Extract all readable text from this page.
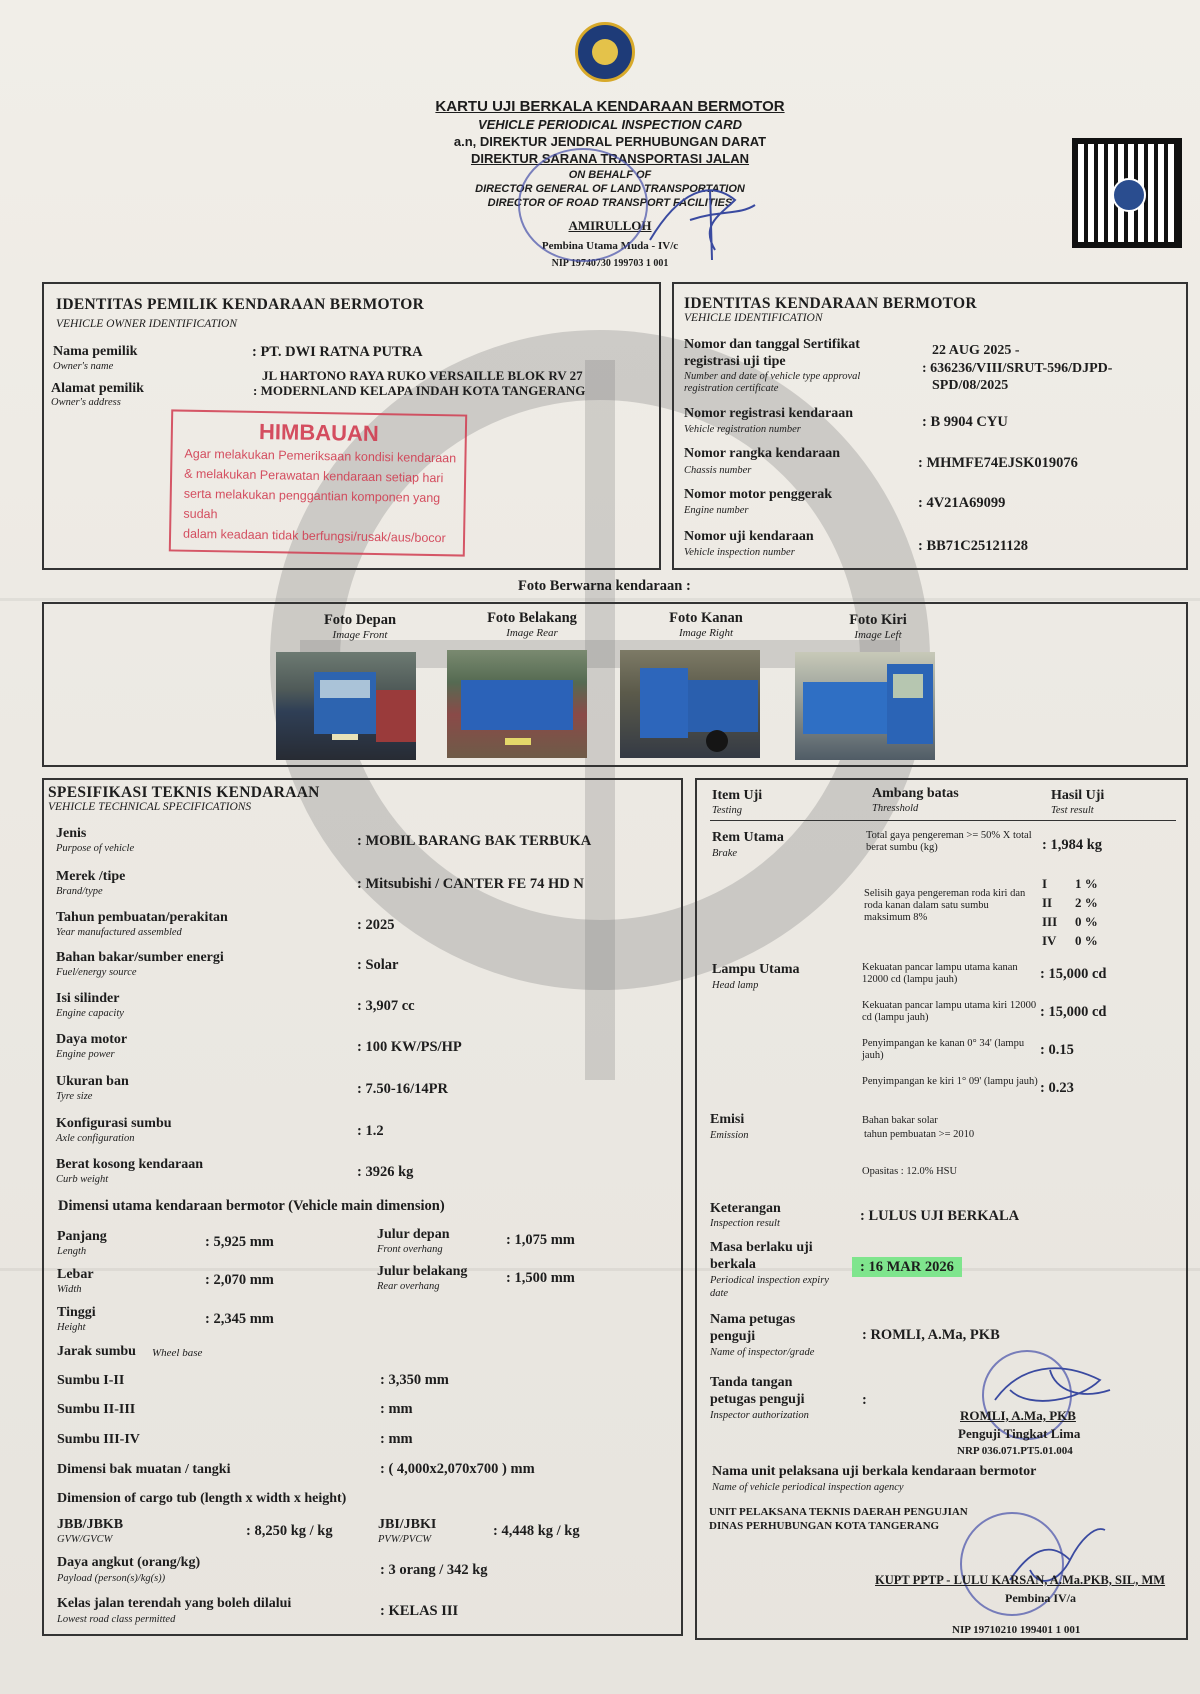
KARTU UJI BERKALA KENDARAAN BERMOTOR
VEHICLE PERIODICAL INSPECTION CARD
a.n, DIREKTUR JENDRAL PERHUBUNGAN DARAT
DIREKTUR SARANA TRANSPORTASI JALAN
ON BEHALF OF
DIRECTOR GENERAL OF LAND TRANSPORTATION
DIRECTOR OF ROAD TRANSPORT FACILITIES
AMIRULLOH
Pembina Utama Muda - IV/c
NIP 19740730 199703 1 001
IDENTITAS PEMILIK KENDARAAN BERMOTOR
VEHICLE OWNER IDENTIFICATION
Nama pemilik
Owner's name
: PT. DWI RATNA PUTRA
Alamat pemilik
Owner's address
JL HARTONO RAYA RUKO VERSAILLE BLOK RV 27
: MODERNLAND KELAPA INDAH KOTA TANGERANG
HIMBAUAN
Agar melakukan Pemeriksaan kondisi kendaraan
& melakukan Perawatan kendaraan setiap hari
serta melakukan penggantian komponen yang sudah
dalam keadaan tidak berfungsi/rusak/aus/bocor
IDENTITAS KENDARAAN BERMOTOR
VEHICLE IDENTIFICATION
Nomor dan tanggal Sertifikat
registrasi uji tipe
Number and date of vehicle type approval registration certificate
22 AUG 2025 -
: 636236/VIII/SRUT-596/DJPD-
SPD/08/2025
Nomor registrasi kendaraan
Vehicle registration number	: B 9904 CYU
Nomor rangka kendaraan
Chassis number	: MHMFE74EJSK019076
Nomor motor penggerak
Engine number	: 4V21A69099
Nomor uji kendaraan
Vehicle inspection number	: BB71C25121128
Foto Berwarna kendaraan :
Foto Depan
Image Front
Foto Belakang
Image Rear
Foto Kanan
Image Right
Foto Kiri
Image Left
SPESIFIKASI TEKNIS KENDARAAN
VEHICLE TECHNICAL SPECIFICATIONS
Jenis
Purpose of vehicle	: MOBIL BARANG BAK TERBUKA
Merek /tipe
Brand/type	: Mitsubishi / CANTER FE 74 HD N
Tahun pembuatan/perakitan
Year manufactured assembled	: 2025
Bahan bakar/sumber energi
Fuel/energy source	: Solar
Isi silinder
Engine capacity	: 3,907 cc
Daya motor
Engine power	: 100 KW/PS/HP
Ukuran ban
Tyre size	: 7.50-16/14PR
Konfigurasi sumbu
Axle configuration	: 1.2
Berat kosong kendaraan
Curb weight	: 3926 kg
Dimensi utama kendaraan bermotor (Vehicle main dimension)
Panjang
Length
: 5,925 mm
Lebar
Width
: 2,070 mm
Tinggi
Height
: 2,345 mm
Julur depan
Front overhang
: 1,075 mm
Julur belakang
Rear overhang
: 1,500 mm
Jarak sumbu Wheel base
Sumbu I-II	: 3,350 mm
Sumbu II-III	: mm
Sumbu III-IV	: mm
Dimensi bak muatan / tangki	: ( 4,000x2,070x700 ) mm
Dimension of cargo tub (length x width x height)
JBB/JBKB
GVW/GVCW
: 8,250 kg / kg	JBI/JBKI
PVW/PVCW
: 4,448 kg / kg
Daya angkut (orang/kg)
Payload (person(s)/kg(s))
: 3 orang / 342 kg
Kelas jalan terendah yang boleh dilalui
Lowest road class permitted
: KELAS III
Item Uji
Testing
Ambang batas
Thresshold
Hasil Uji
Test result
Rem Utama
Brake
Total gaya pengereman >= 50% X total berat sumbu (kg)	: 1,984 kg
Selisih gaya pengereman roda kiri dan roda kanan dalam satu sumbu maksimum 8%
I 1 %
II 2 %
III 0 %
IV 0 %
Lampu Utama
Head lamp
Kekuatan pancar lampu utama kanan 12000 cd (lampu jauh)	: 15,000 cd
Kekuatan pancar lampu utama kiri 12000 cd (lampu jauh)	: 15,000 cd
Penyimpangan ke kanan 0° 34' (lampu jauh)	: 0.15
Penyimpangan ke kiri 1° 09' (lampu jauh) : 0.23
Emisi
Emission
Bahan bakar solar
tahun pembuatan >= 2010
Opasitas : 12.0% HSU
Keterangan
Inspection result	: LULUS UJI BERKALA
Masa berlaku uji
berkala
Periodical inspection expiry
date
: 16 MAR 2026
Nama petugas
penguji
Name of inspector/grade
: ROMLI, A.Ma, PKB
Tanda tangan
petugas penguji
Inspector authorization
:
ROMLI, A.Ma, PKB
Penguji Tingkat Lima
NRP 036.071.PT5.01.004
Nama unit pelaksana uji berkala kendaraan bermotor
Name of vehicle periodical inspection agency
UNIT PELAKSANA TEKNIS DAERAH PENGUJIAN
DINAS PERHUBUNGAN KOTA TANGERANG
KUPT PPTP - LULU KARSAN, A.Ma.PKB, SIL, MM
Pembina IV/a
NIP 19710210 199401 1 001
